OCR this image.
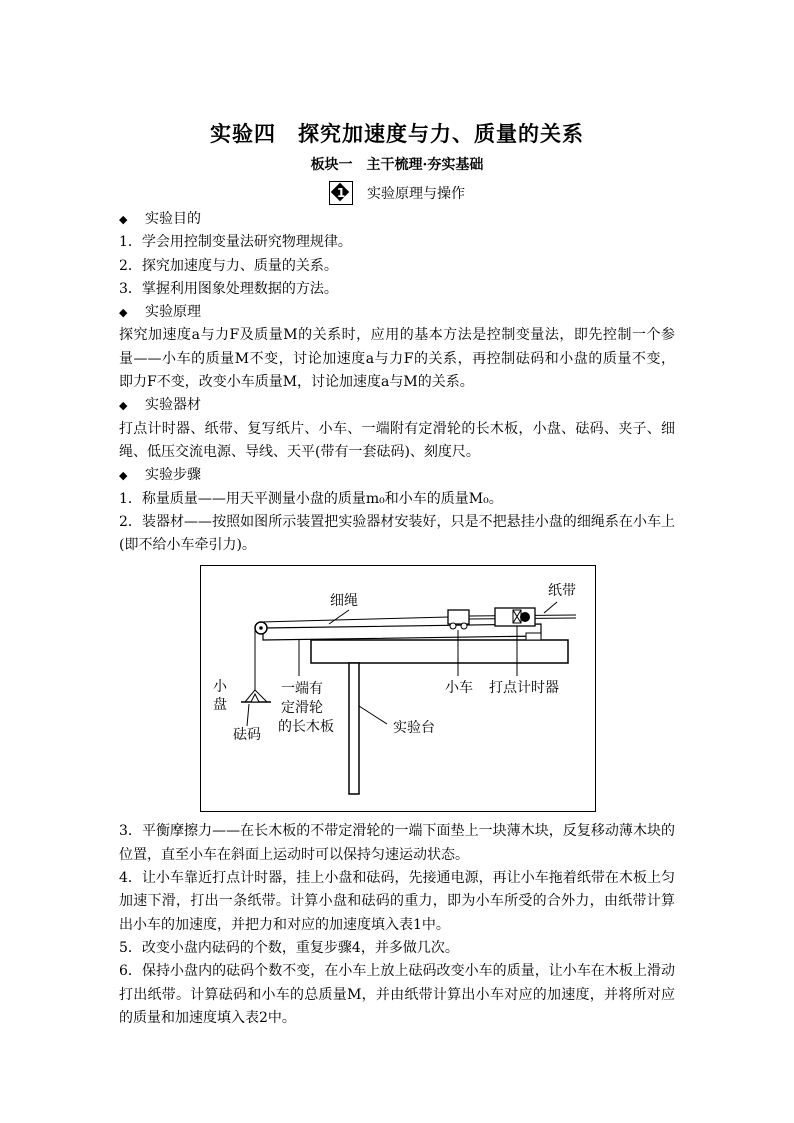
实验四　探究加速度与力、质量的关系
板块一　主干梳理·夯实基础
1	实验原理与操作
◆ 实验目的
1．学会用控制变量法研究物理规律。
2．探究加速度与力、质量的关系。
3．掌握利用图象处理数据的方法。
◆ 实验原理
探究加速度a与力F及质量M的关系时，应用的基本方法是控制变量法，即先控制一个参
量——小车的质量M不变，讨论加速度a与力F的关系，再控制砝码和小盘的质量不变，
即力F不变，改变小车质量M，讨论加速度a与M的关系。
◆ 实验器材
打点计时器、纸带、复写纸片、小车、一端附有定滑轮的长木板，小盘、砝码、夹子、细
绳、低压交流电源、导线、天平(带有一套砝码)、刻度尺。
◆ 实验步骤
1．称量质量——用天平测量小盘的质量m₀和小车的质量M₀。
2．装器材——按照如图所示装置把实验器材安装好，只是不把悬挂小盘的细绳系在小车上
(即不给小车牵引力)。
细绳
纸带
小车 打点计时器
小
盘
砝码
一端有
定滑轮
的长木板	实验台
3．平衡摩擦力——在长木板的不带定滑轮的一端下面垫上一块薄木块，反复移动薄木块的
位置，直至小车在斜面上运动时可以保持匀速运动状态。
4．让小车靠近打点计时器，挂上小盘和砝码，先接通电源，再让小车拖着纸带在木板上匀
加速下滑，打出一条纸带。计算小盘和砝码的重力，即为小车所受的合外力，由纸带计算
出小车的加速度，并把力和对应的加速度填入表1中。
5．改变小盘内砝码的个数，重复步骤4，并多做几次。
6．保持小盘内的砝码个数不变，在小车上放上砝码改变小车的质量，让小车在木板上滑动
打出纸带。计算砝码和小车的总质量M，并由纸带计算出小车对应的加速度，并将所对应
的质量和加速度填入表2中。
